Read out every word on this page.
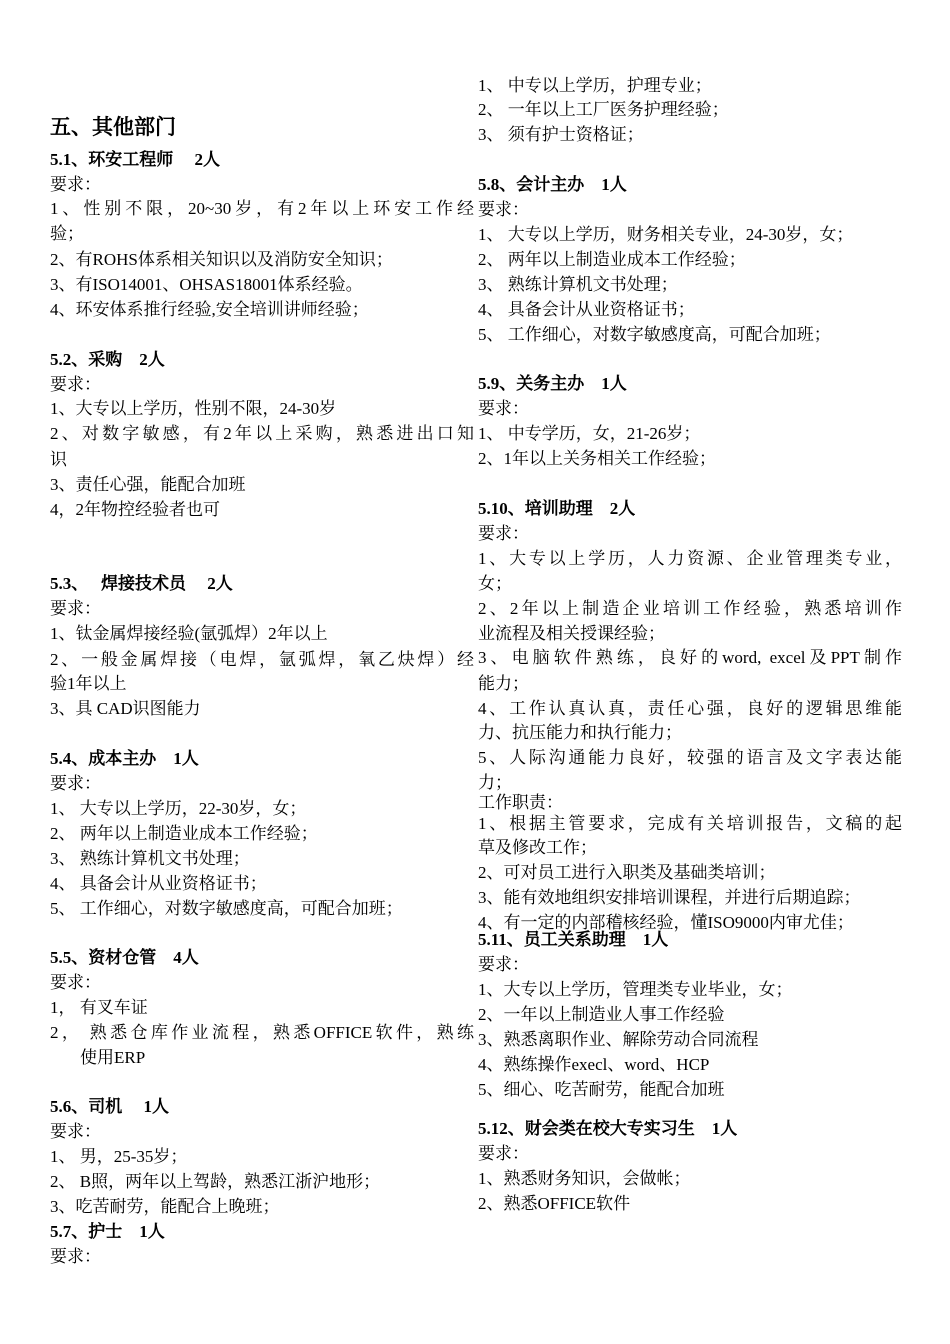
五、其他部门
5.1、环安工程师　 2人
要求：
1、性别不限，20~30岁，有2年以上环安工作经
验；
2、有ROHS体系相关知识以及消防安全知识；
3、有ISO14001、OHSAS18001体系经验。
4、环安体系推行经验,安全培训讲师经验；
5.2、采购　2人
要求：
1、大专以上学历，性别不限，24-30岁
2、对数字敏感，有2年以上采购，熟悉进出口知
识
3、责任心强，能配合加班
4，2年物控经验者也可
5.3、　 焊接技术员　 2人
要求：
1、钛金属焊接经验(氩弧焊）2年以上
2、一般金属焊接（电焊，氩弧焊，氧乙炔焊）经
验1年以上
3、具 CAD识图能力
5.4、成本主办　1人
要求：
1、 大专以上学历，22-30岁，女；
2、 两年以上制造业成本工作经验；
3、 熟练计算机文书处理；
4、 具备会计从业资格证书；
5、 工作细心，对数字敏感度高，可配合加班；
5.5、资材仓管　4人
要求：
1， 有叉车证
2， 熟悉仓库作业流程，熟悉OFFICE软件，熟练
使用ERP
5.6、司机　 1人
要求：
1、 男，25-35岁；
2、 B照，两年以上驾龄，熟悉江浙沪地形；
3、吃苦耐劳，能配合上晚班；
5.7、护士　1人
要求：
1、 中专以上学历，护理专业；
2、 一年以上工厂医务护理经验；
3、 须有护士资格证；
5.8、会计主办　1人
要求：
1、 大专以上学历，财务相关专业，24-30岁，女；
2、 两年以上制造业成本工作经验；
3、 熟练计算机文书处理；
4、 具备会计从业资格证书；
5、 工作细心，对数字敏感度高，可配合加班；
5.9、关务主办　1人
要求：
1、 中专学历，女，21-26岁；
2、1年以上关务相关工作经验；
5.10、培训助理　2人
要求：
1、大专以上学历，人力资源、企业管理类专业，
女；
2、2年以上制造企业培训工作经验，熟悉培训作
业流程及相关授课经验；
3、电脑软件熟练，良好的word, excel及PPT制作
能力；
4、工作认真认真，责任心强，良好的逻辑思维能
力、抗压能力和执行能力；
5、人际沟通能力良好，较强的语言及文字表达能
力；
工作职责：
1、根据主管要求，完成有关培训报告，文稿的起
草及修改工作；
2、可对员工进行入职类及基础类培训；
3、能有效地组织安排培训课程，并进行后期追踪；
4、有一定的内部稽核经验，懂ISO9000内审尤佳；
5.11、员工关系助理　1人
要求：
1、大专以上学历，管理类专业毕业，女；
2、一年以上制造业人事工作经验
3、熟悉离职作业、解除劳动合同流程
4、熟练操作execl、word、HCP
5、细心、吃苦耐劳，能配合加班
5.12、财会类在校大专实习生　1人
要求：
1、熟悉财务知识，会做帐；
2、熟悉OFFICE软件
